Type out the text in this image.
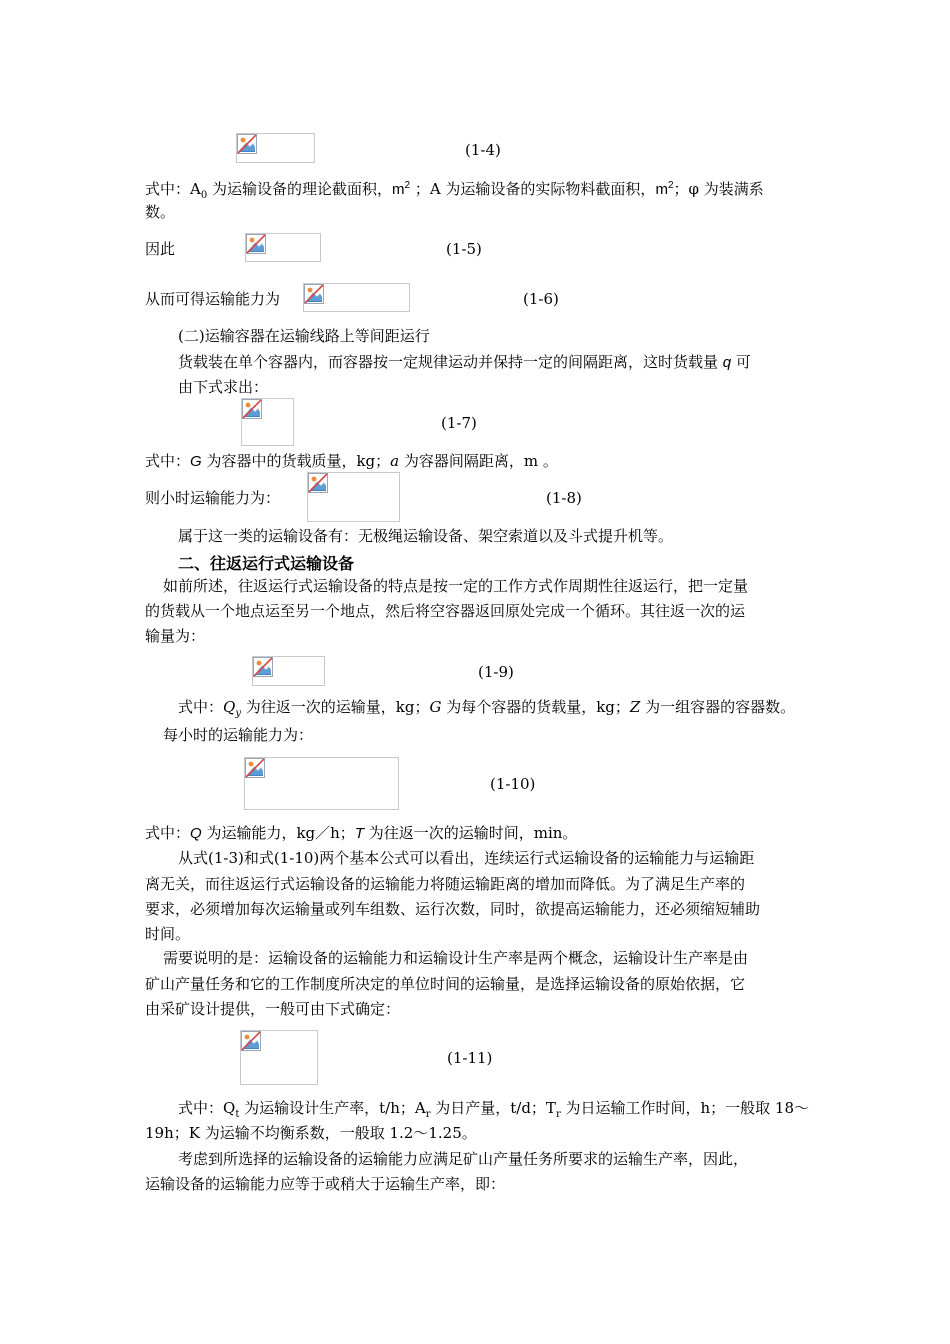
(1-4)
式中：$A_0$ 为运输设备的理论截面积，$m^2$ ；A 为运输设备的实际物料截面积，$m^2$；φ 为装满系
数。
因此	(1-5)
从而可得运输能力为	(1-6)
(二)运输容器在运输线路上等间距运行
货载装在单个容器内，而容器按一定规律运动并保持一定的间隔距离，这时货载量 q 可
由下式求出：
(1-7)
式中：G 为容器中的货载质量，kg；a 为容器间隔距离，m 。
则小时运输能力为：	(1-8)
属于这一类的运输设备有：无极绳运输设备、架空索道以及斗式提升机等。
二、往返运行式运输设备
如前所述，往返运行式运输设备的特点是按一定的工作方式作周期性往返运行，把一定量
的货载从一个地点运至另一个地点，然后将空容器返回原处完成一个循环。其往返一次的运
输量为：
(1-9)
式中：$Q_y$ 为往返一次的运输量，kg；G 为每个容器的货载量，kg；Z 为一组容器的容器数。
每小时的运输能力为：
(1-10)
式中：Q 为运输能力，kg／h；T 为往返一次的运输时间，min。
从式(1-3)和式(1-10)两个基本公式可以看出，连续运行式运输设备的运输能力与运输距
离无关，而往返运行式运输设备的运输能力将随运输距离的增加而降低。为了满足生产率的
要求，必须增加每次运输量或列车组数、运行次数，同时，欲提高运输能力，还必须缩短辅助
时间。
需要说明的是：运输设备的运输能力和运输设计生产率是两个概念，运输设计生产率是由
矿山产量任务和它的工作制度所决定的单位时间的运输量，是选择运输设备的原始依据，它
由采矿设计提供，一般可由下式确定：
(1-11)
式中：$Q_t$ 为运输设计生产率，t/h；$A_r$ 为日产量，t/d；$T_r$ 为日运输工作时间，h；一般取 18～
19h；K 为运输不均衡系数，一般取 1.2～1.25。
考虑到所选择的运输设备的运输能力应满足矿山产量任务所要求的运输生产率，因此，
运输设备的运输能力应等于或稍大于运输生产率，即：
